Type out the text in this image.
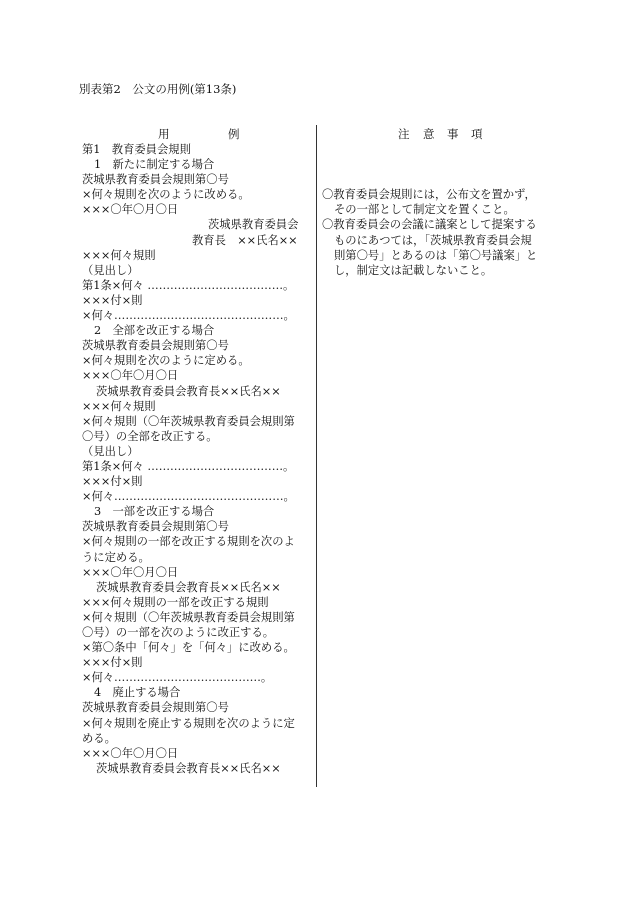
別表第2　公文の用例(第13条)
用	例
第1　教育委員会規則
1　新たに制定する場合
茨城県教育委員会規則第〇号
×何々規則を次のように改める。
×××〇年〇月〇日
茨城県教育委員会
教育長　××氏名××
×××何々規則
（見出し）
第1条×何々 ………………………………。
×××付×則
×何々………………………………………。
2　全部を改正する場合
茨城県教育委員会規則第〇号
×何々規則を次のように定める。
×××〇年〇月〇日
茨城県教育委員会教育長××氏名××
×××何々規則
×何々規則（〇年茨城県教育委員会規則第
〇号）の全部を改正する。
（見出し）
第1条×何々 ………………………………。
×××付×則
×何々………………………………………。
3　一部を改正する場合
茨城県教育委員会規則第〇号
×何々規則の一部を改正する規則を次のよ
うに定める。
×××〇年〇月〇日
茨城県教育委員会教育長××氏名××
×××何々規則の一部を改正する規則
×何々規則（〇年茨城県教育委員会規則第
〇号）の一部を次のように改正する。
×第〇条中「何々」を「何々」に改める。
×××付×則
×何々…………………………………。
4　廃止する場合
茨城県教育委員会規則第〇号
×何々規則を廃止する規則を次のように定
める。
×××〇年〇月〇日
茨城県教育委員会教育長××氏名××
注 意 事 項
〇教育委員会規則には，公布文を置かず，
その一部として制定文を置くこと。
〇教育委員会の会議に議案として提案する
ものにあつては，「茨城県教育委員会規
則第〇号」とあるのは「第〇号議案」と
し，制定文は記載しないこと。
